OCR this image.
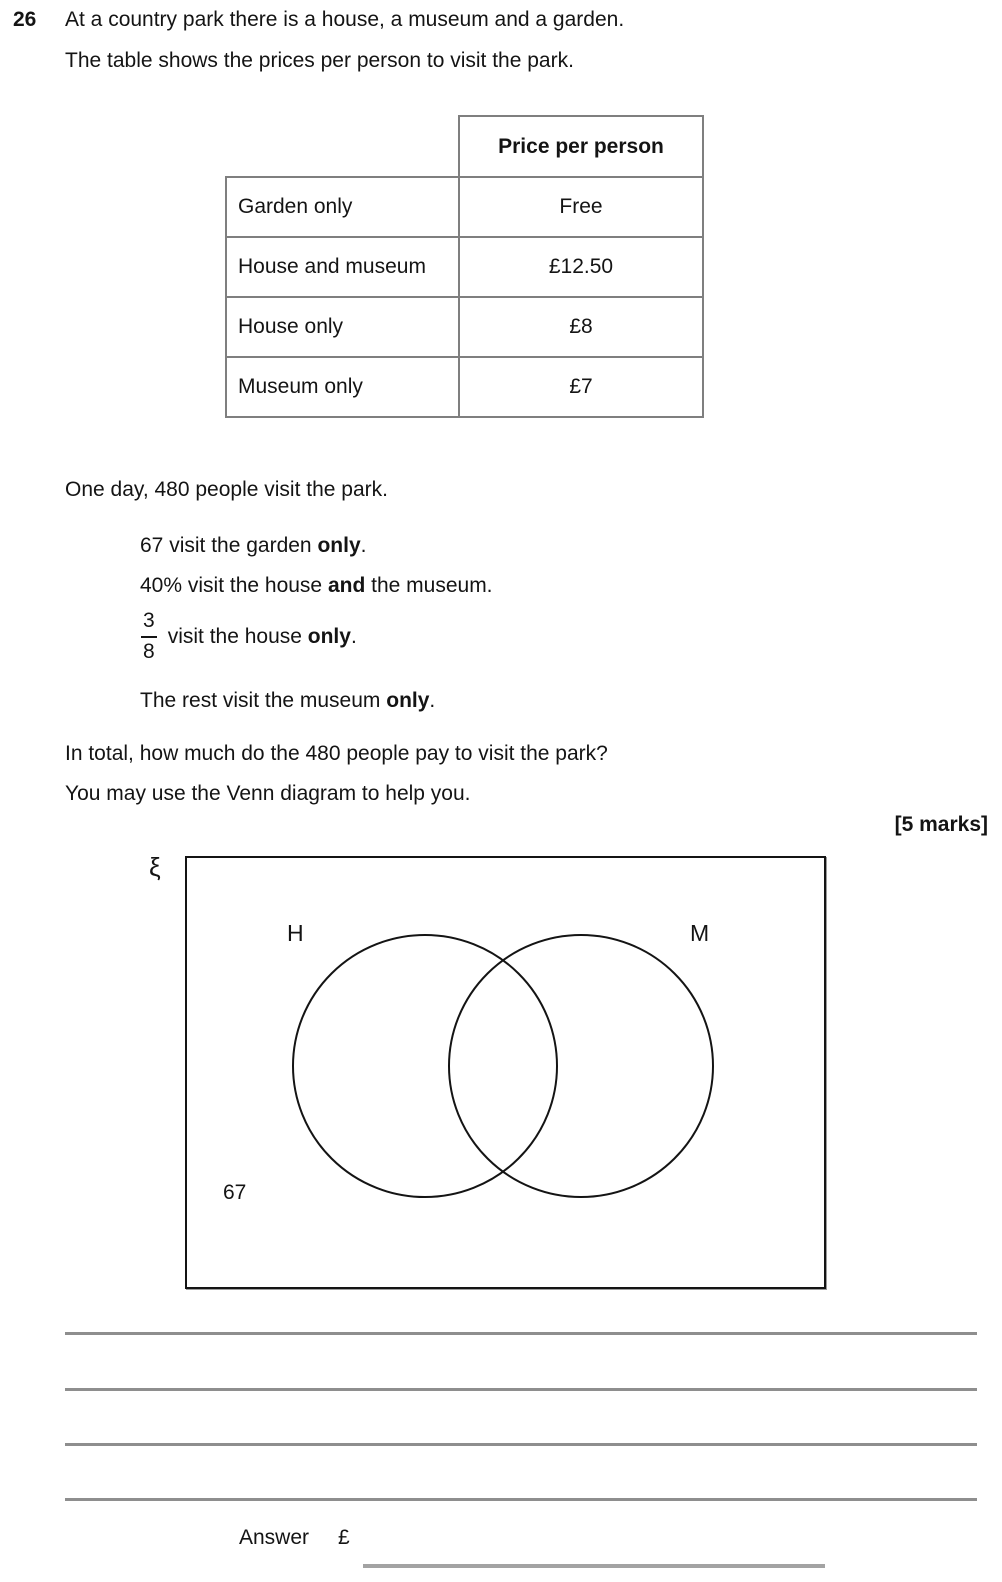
26 At a country park there is a house, a museum and a garden.
The table shows the prices per person to visit the park.
	Price per person
Garden only	Free
House and museum	£12.50
House only	£8
Museum only	£7
One day, 480 people visit the park.
67 visit the garden only.
40% visit the house and the museum.
$\frac{3}{8}$ visit the house only.
The rest visit the museum only.
In total, how much do the 480 people pay to visit the park?
You may use the Venn diagram to help you.
[5 marks]
ξ
H	M
67
Answer £
